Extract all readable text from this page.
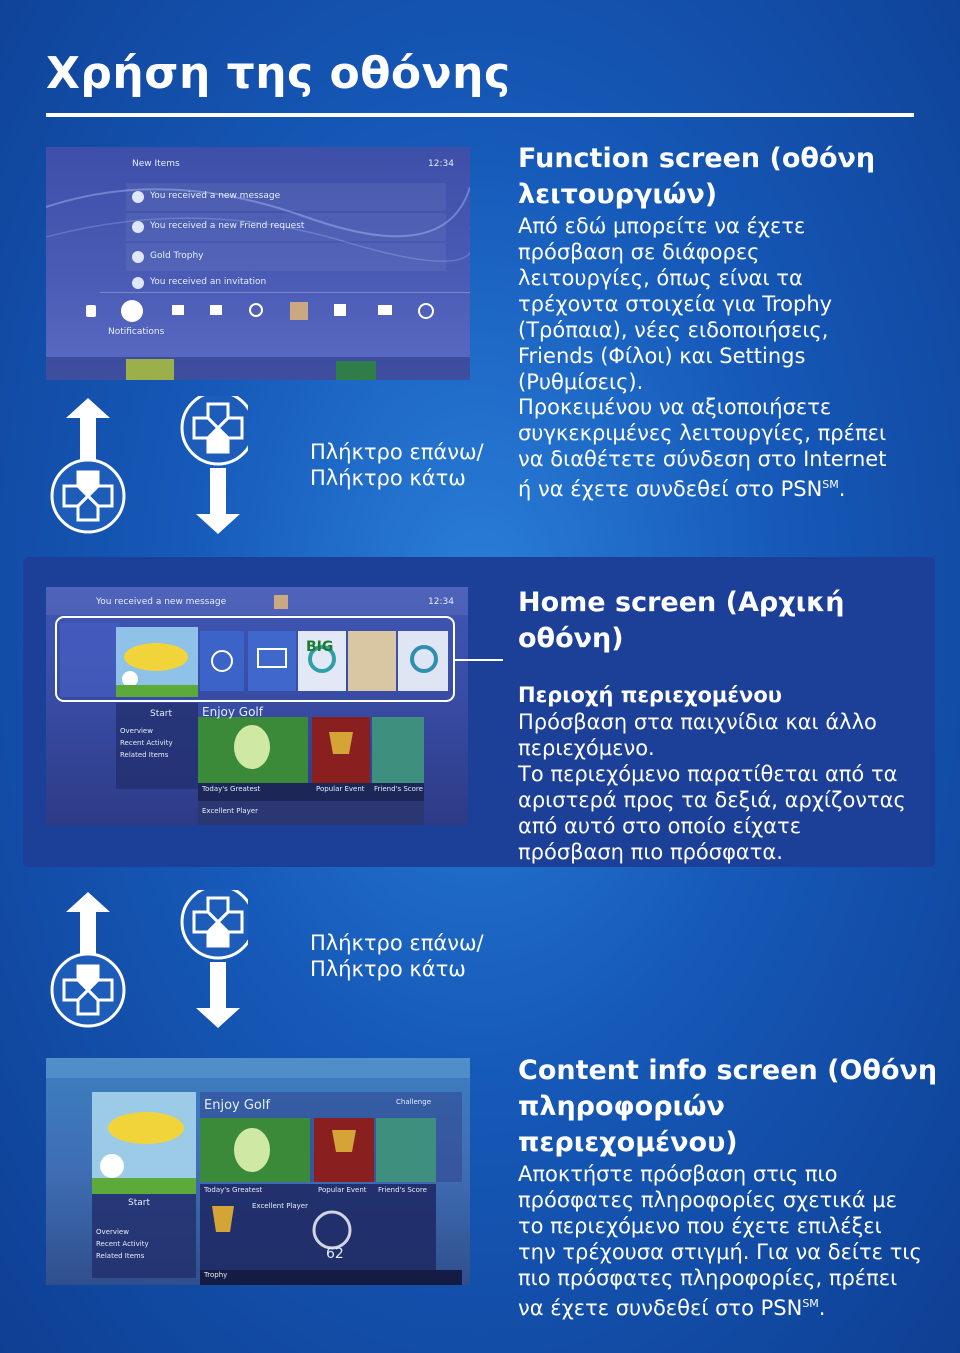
Χρήση της οθόνης
New Items	12:34
You received a new message
You received a new Friend request
Gold Trophy
You received an invitation
Notifications
Function screen (οθόνη
λειτουργιών)

Από εδώ μπορείτε να έχετε
πρόσβαση σε διάφορες
λειτουργίες, όπως είναι τα
τρέχοντα στοιχεία για Trophy
(Τρόπαια), νέες ειδοποιήσεις,
Friends (Φίλοι) και Settings
(Ρυθμίσεις).

Προκειμένου να αξιοποιήσετε
συγκεκριμένες λειτουργίες, πρέπει
να διαθέτετε σύνδεση στο Internet
ή να έχετε συνδεθεί στο PSN℠.

Πλήκτρο επάνω/
Πλήκτρο κάτω
You received a new message	12:34
BIG
Enjoy Golf
Start
Overview
Recent Activity
Related Items
Today's Greatest	Popular Event Friend's Score
Excellent Player
Home screen (Αρχική
οθόνη)
Περιοχή περιεχομένου

Πρόσβαση στα παιχνίδια και άλλο
περιεχόμενο.
Το περιεχόμενο παρατίθεται από τα
αριστερά προς τα δεξιά, αρχίζοντας
από αυτό στο οποίο είχατε
πρόσβαση πιο πρόσφατα.

Πλήκτρο επάνω/
Πλήκτρο κάτω
Enjoy Golf	Challenge
Start
Overview
Recent Activity
Related Items
Today's Greatest	Popular Event Friend's Score
Excellent Player
62
Trophy
Content info screen (Οθόνη
πληροφοριών
περιεχομένου)

Αποκτήστε πρόσβαση στις πιο
πρόσφατες πληροφορίες σχετικά με
το περιεχόμενο που έχετε επιλέξει
την τρέχουσα στιγμή. Για να δείτε τις
πιο πρόσφατες πληροφορίες, πρέπει
να έχετε συνδεθεί στο PSN℠.
